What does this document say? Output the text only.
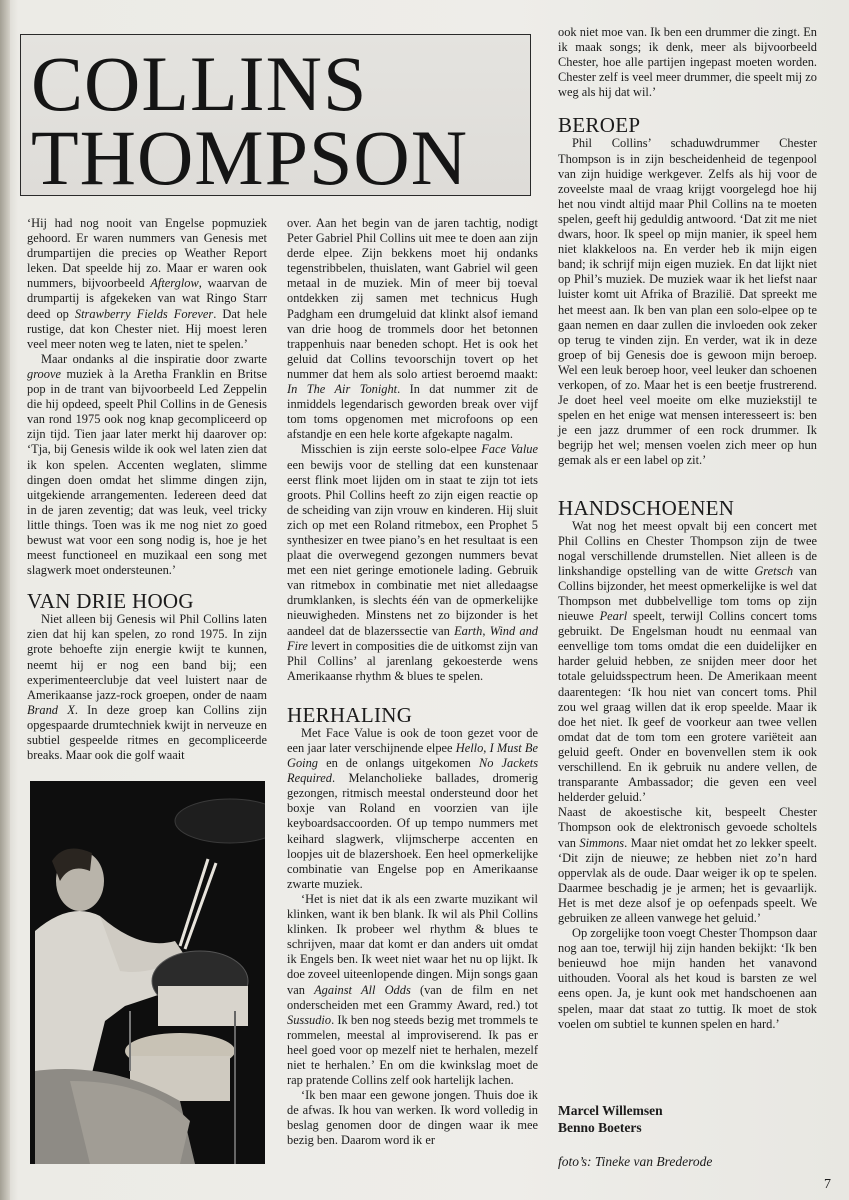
COLLINS
THOMPSON

‘Hij had nog nooit van Engelse popmuziek gehoord. Er waren nummers van Genesis met drumpartijen die precies op Weather Report leken. Dat speelde hij zo. Maar er waren ook nummers, bijvoorbeeld Afterglow, waarvan de drumpartij is afgekeken van wat Ringo Starr deed op Strawberry Fields Forever. Dat hele rustige, dat kon Chester niet. Hij moest leren veel meer noten weg te laten, niet te spelen.’

Maar ondanks al die inspiratie door zwarte groove muziek à la Aretha Franklin en Britse pop in de trant van bijvoorbeeld Led Zeppelin die hij opdeed, speelt Phil Collins in de Genesis van rond 1975 ook nog knap gecompliceerd op zijn tijd. Tien jaar later merkt hij daarover op: ‘Tja, bij Genesis wilde ik ook wel laten zien dat ik kon spelen. Accenten weglaten, slimme dingen doen omdat het slimme dingen zijn, uitgekiende arrangementen. Iedereen deed dat in de jaren zeventig; dat was leuk, veel tricky little things. Toen was ik me nog niet zo goed bewust wat voor een song nodig is, hoe je het meest functioneel en muzikaal een song met slagwerk moet ondersteunen.’

VAN DRIE HOOG

Niet alleen bij Genesis wil Phil Collins laten zien dat hij kan spelen, zo rond 1975. In zijn grote behoefte zijn energie kwijt te kunnen, neemt hij er nog een band bij; een experimenteerclubje dat veel luistert naar de Amerikaanse jazz-rock groepen, onder de naam Brand X. In deze groep kan Collins zijn opgespaarde drumtechniek kwijt in nerveuze en subtiel gespeelde ritmes en gecompliceerde breaks. Maar ook die golf waait

over. Aan het begin van de jaren tachtig, nodigt Peter Gabriel Phil Collins uit mee te doen aan zijn derde elpee. Zijn bekkens moet hij ondanks tegenstribbelen, thuislaten, want Gabriel wil geen metaal in de muziek. Min of meer bij toeval ontdekken zij samen met technicus Hugh Padgham een drumgeluid dat klinkt alsof iemand van drie hoog de trommels door het betonnen trappenhuis naar beneden schopt. Het is ook het geluid dat Collins tevoorschijn tovert op het nummer dat hem als solo artiest beroemd maakt: In The Air Tonight. In dat nummer zit de inmiddels legendarisch geworden break over vijf tom toms opgenomen met microfoons op een afstandje en een hele korte afgekapte nagalm.

Misschien is zijn eerste solo-elpee Face Value een bewijs voor de stelling dat een kunstenaar eerst flink moet lijden om in staat te zijn tot iets groots. Phil Collins heeft zo zijn eigen reactie op de scheiding van zijn vrouw en kinderen. Hij sluit zich op met een Roland ritmebox, een Prophet 5 synthesizer en twee piano’s en het resultaat is een plaat die overwegend gezongen nummers bevat met een niet geringe emotionele lading. Gebruik van ritmebox in combinatie met niet alledaagse drumklanken, is slechts één van de opmerkelijke nieuwigheden. Minstens net zo bijzonder is het aandeel dat de blazerssectie van Earth, Wind and Fire levert in composities die de uitkomst zijn van Phil Collins’ al jarenlang gekoesterde wens Amerikaanse rhythm & blues te spelen.

HERHALING

Met Face Value is ook de toon gezet voor de een jaar later verschijnende elpee Hello, I Must Be Going en de onlangs uitgekomen No Jackets Required. Melancholieke ballades, dromerig gezongen, ritmisch meestal ondersteund door het boxje van Roland en voorzien van ijle keyboardsaccoorden. Of up tempo nummers met keihard slagwerk, vlijmscherpe accenten en loopjes uit de blazershoek. Een heel opmerkelijke combinatie van Engelse pop en Amerikaanse zwarte muziek.

‘Het is niet dat ik als een zwarte muzikant wil klinken, want ik ben blank. Ik wil als Phil Collins klinken. Ik probeer wel rhythm & blues te schrijven, maar dat komt er dan anders uit omdat ik Engels ben. Ik weet niet waar het nu op lijkt. Ik doe zoveel uiteenlopende dingen. Mijn songs gaan van Against All Odds (van de film en net onderscheiden met een Grammy Award, red.) tot Sussudio. Ik ben nog steeds bezig met trommels te rommelen, meestal al improviserend. Ik pas er heel goed voor op mezelf niet te herhalen, mezelf niet te herhalen.’ En om die kwinkslag moet de rap pratende Collins zelf ook hartelijk lachen.

‘Ik ben maar een gewone jongen. Thuis doe ik de afwas. Ik hou van werken. Ik word volledig in beslag genomen door de dingen waar ik mee bezig ben. Daarom word ik er

ook niet moe van. Ik ben een drummer die zingt. En ik maak songs; ik denk, meer als bijvoorbeeld Chester, hoe alle partijen ingepast moeten worden. Chester zelf is veel meer drummer, die speelt mij zo weg als hij dat wil.’

BEROEP

Phil Collins’ schaduwdrummer Chester Thompson is in zijn bescheidenheid de tegenpool van zijn huidige werkgever. Zelfs als hij voor de zoveelste maal de vraag krijgt voorgelegd hoe hij het nou vindt altijd maar Phil Collins na te moeten spelen, geeft hij geduldig antwoord. ‘Dat zit me niet dwars, hoor. Ik speel op mijn manier, ik speel hem niet klakkeloos na. En verder heb ik mijn eigen band; ik schrijf mijn eigen muziek. En dat lijkt niet op Phil’s muziek. De muziek waar ik het liefst naar luister komt uit Afrika of Brazilië. Dat spreekt me het meest aan. Ik ben van plan een solo-elpee op te gaan nemen en daar zullen die invloeden ook zeker op terug te vinden zijn. En verder, wat ik in deze groep of bij Genesis doe is gewoon mijn beroep. Wel een leuk beroep hoor, veel leuker dan schoenen verkopen, of zo. Maar het is een beetje frustrerend. Je doet heel veel moeite om elke muziekstijl te spelen en het enige wat mensen interesseert is: ben je een jazz drummer of een rock drummer. Ik begrijp het wel; mensen voelen zich meer op hun gemak als er een label op zit.’

HANDSCHOENEN

Wat nog het meest opvalt bij een concert met Phil Collins en Chester Thompson zijn de twee nogal verschillende drumstellen. Niet alleen is de linkshandige opstelling van de witte Gretsch van Collins bijzonder, het meest opmerkelijke is wel dat Thompson met dubbelvellige tom toms op zijn nieuwe Pearl speelt, terwijl Collins concert toms gebruikt. De Engelsman houdt nu eenmaal van eenvellige tom toms omdat die een duidelijker en harder geluid hebben, ze snijden meer door het totale geluidsspectrum heen. De Amerikaan meent daarentegen: ‘Ik hou niet van concert toms. Phil zou wel graag willen dat ik erop speelde. Maar ik doe het niet. Ik geef de voorkeur aan twee vellen omdat dat de tom tom een grotere variëteit aan geluid geeft. Onder en bovenvellen stem ik ook verschillend. En ik gebruik nu andere vellen, de transparante Ambassador; die geven een veel helderder geluid.’

Naast de akoestische kit, bespeelt Chester Thompson ook de elektronisch gevoede scholtels van Simmons. Maar niet omdat het zo lekker speelt. ‘Dit zijn de nieuwe; ze hebben niet zo’n hard oppervlak als de oude. Daar weiger ik op te spelen. Daarmee beschadig je je armen; het is gevaarlijk. Het is met deze alsof je op oefenpads speelt. We gebruiken ze alleen vanwege het geluid.’

Op zorgelijke toon voegt Chester Thompson daar nog aan toe, terwijl hij zijn handen bekijkt: ‘Ik ben benieuwd hoe mijn handen het vanavond uithouden. Vooral als het koud is barsten ze wel eens open. Ja, je kunt ook met handschoenen aan spelen, maar dat staat zo tuttig. Ik moet de stok voelen om subtiel te kunnen spelen en hard.’

Marcel Willemsen
Benno Boeters
foto’s: Tineke van Brederode
7
